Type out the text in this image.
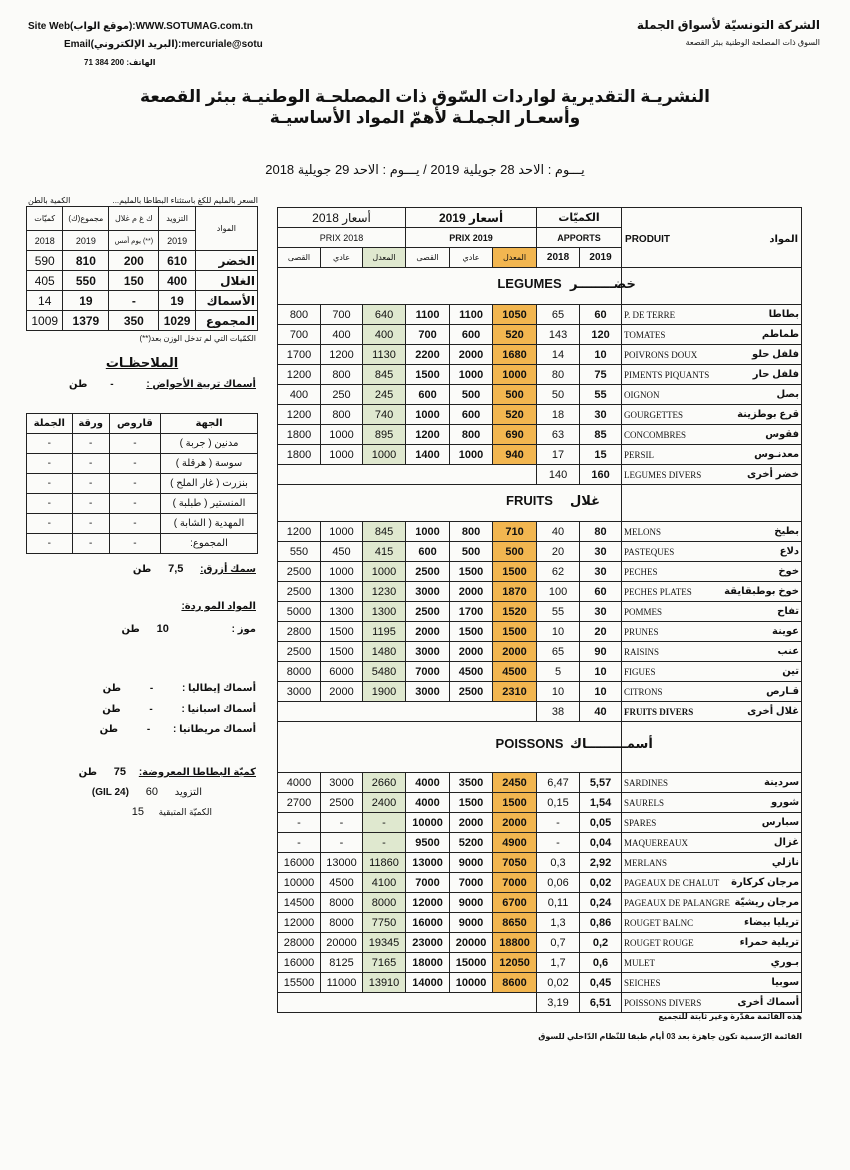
Site Web(موقع الواب):WWW.SOTUMAG.com.tn
Email(البريد الإلكتروني):mercuriale@sotu
الهاتف: 200 384 71
الشركة التونسيّة لأسواق الجملة
السوق ذات المصلحة الوطنية ببئر القصعة
النشريـة التقديرية لواردات السّوق ذات المصلحـة الوطنيـة ببئر القصعة
وأسعـار الجملـة لأهمّ المواد الأساسيـة
يـــوم : الاحد 28 جويلية 2019 / يـــوم : الاحد 29 جويلية 2018
السعر بالمليم للكغ باستثناء البطاطا بالمليم...
الكمية بالطن
كميّات	مجموع(ك)	ك غ م غلال	التزويد	المواد
2018	2019	يوم أمس (**)	2019	
590	810	200	610	الخضر
405	550	150	400	الغلال
14	19	-	19	الأسماك
1009	1379	350	1029	المجموع
الكمّيات التي لم تدخل الوزن بعد(**)
الملاحظـات
أسماك تربية الأحواض : - طن
الجملة	ورقة	قاروص	الجهة
-	-	-	مدنين ( جربة )
-	-	-	سوسة ( هرقلة )
-	-	-	بنزرت ( غار الملح )
-	-	-	المنستير ( طبلبة )
-	-	-	المهدية ( الشابة )
-	-	-	المجموع:
سمك أزرق: 7,5 طن
المواد المو ردة:
موز : 10 طن
أسماك إيطاليا : - طن
أسماك اسبانيا : - طن
أسماك مريطانيا : - طن
كميّة البطاطا المعروضة: 75 طن
التزويد 60 (GIL 24)
الكميّة المتبقية 15
أسعار 2018			أسعار 2019			الكميّات		PRODUIT المواد	

PRIX 2018			PRIX 2019			APPORTS			
القصى	عادي	المعدل	القصى	عادي	المعدل	2018	2019		

LEGUMES								خضــــــــر	

800	700	640	1100	1100	1050	65	60	P. DE TERRE	بطاطا
700	400	400	700	600	520	143	120	TOMATES	طماطم
1700	1200	1130	2200	2000	1680	14	10	POIVRONS DOUX	فلفل حلو
1200	800	845	1500	1000	1000	80	75	PIMENTS PIQUANTS	فلفل حار
400	250	245	600	500	500	50	55	OIGNON	بصل
1200	800	740	1000	600	520	18	30	GOURGETTES	قرع بوطزينة
1800	1000	895	1200	800	690	63	85	CONCOMBRES	فقوس
1800	1000	1000	1400	1000	940	17	15	PERSIL	معدنـوس
						140	160	LEGUMES DIVERS	خضر أخرى

FRUITS								غلال	

1200	1000	845	1000	800	710	40	80	MELONS	بطيخ
550	450	415	600	500	500	20	30	PASTEQUES	دلاع
2500	1000	1000	2500	1500	1500	62	30	PECHES	خوخ
2500	1300	1230	3000	2000	1870	100	60	PECHES PLATES	خوخ بوطبقايقة
5000	1300	1300	2500	1700	1520	55	30	POMMES	تفاح
2800	1500	1195	2000	1500	1500	10	20	PRUNES	عوينة
2500	1500	1480	3000	2000	2000	65	90	RAISINS	عنب
8000	6000	5480	7000	4500	4500	5	10	FIGUES	تين
3000	2000	1900	3000	2500	2310	10	10	CITRONS	قـارص
						38	40	FRUITS DIVERS	غلال أخرى

POISSONS								أسمـــــــــاك	

4000	3000	2660	4000	3500	2450	6,47	5,57	SARDINES	سردينة
2700	2500	2400	4000	1500	1500	0,15	1,54	SAURELS	شورو
-	-	-	10000	2000	2000	-	0,05	SPARES	سبارس
-	-	-	9500	5200	4900	-	0,04	MAQUEREAUX	غزال
16000	13000	11860	13000	9000	7050	0,3	2,92	MERLANS	نازلي
10000	4500	4100	7000	7000	7000	0,06	0,02	PAGEAUX DE CHALUT	مرجان كركارة
14500	8000	8000	12000	9000	6700	0,11	0,24	PAGEAUX DE PALANGRE	مرجان ريشيّة
12000	8000	7750	16000	9000	8650	1,3	0,86	ROUGET BALNC	تريليا بيضاء
28000	20000	19345	23000	20000	18800	0,7	0,2	ROUGET ROUGE	تريلية حمراء
16000	8125	7165	18000	15000	12050	1,7	0,6	MULET	بـوري
15500	11000	13910	14000	10000	8600	0,02	0,45	SEICHES	سوبيا
						3,19	6,51	POISSONS DIVERS	أسماك أخرى
هذه القائمة مقدّرة وغير ثابتة للتجميع
القائمة الرّسمية تكون جاهزة بعد 03 أيام طبقا للنّظام الدّاخلي للسوق
